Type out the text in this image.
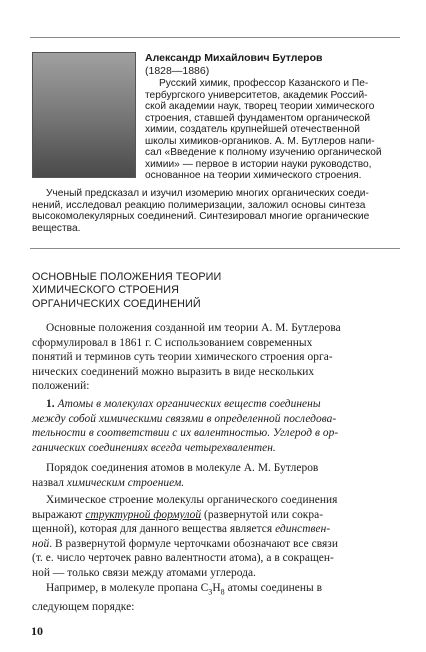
Александр Михайлович Бутлеров
(1828—1886)
Русский химик, профессор Казанского и Пе-
тербургского университетов, академик Россий-
ской академии наук, творец теории химического
строения, ставшей фундаментом органической
химии, создатель крупнейшей отечественной
школы химиков-органиков. А. М. Бутлеров напи-
сал «Введение к полному изучению органической
химии» — первое в истории науки руководство,
основанное на теории химического строения.
Ученый предсказал и изучил изомерию многих органических соеди-
нений, исследовал реакцию полимеризации, заложил основы синтеза
высокомолекулярных соединений. Синтезировал многие органические
вещества.
ОСНОВНЫЕ ПОЛОЖЕНИЯ ТЕОРИИ
ХИМИЧЕСКОГО СТРОЕНИЯ
ОРГАНИЧЕСКИХ СОЕДИНЕНИЙ
Основные положения созданной им теории А. М. Бутлерова
сформулировал в 1861 г. С использованием современных
понятий и терминов суть теории химического строения орга-
нических соединений можно выразить в виде нескольких
положений:
1. Атомы в молекулах органических веществ соединены
между собой химическими связями в определенной последова-
тельности в соответствии с их валентностью. Углерод в ор-
ганических соединениях всегда четырехвалентен.
Порядок соединения атомов в молекуле А. М. Бутлеров
назвал химическим строением.
Химическое строение молекулы органического соединения
выражают структурной формулой (развернутой или сокра-
щенной), которая для данного вещества является единствен-
ной. В развернутой формуле черточками обозначают все связи
(т. е. число черточек равно валентности атома), а в сокращен-
ной — только связи между атомами углерода.
Например, в молекуле пропана $С_3Н_8$ атомы соединены в
следующем порядке:
10
